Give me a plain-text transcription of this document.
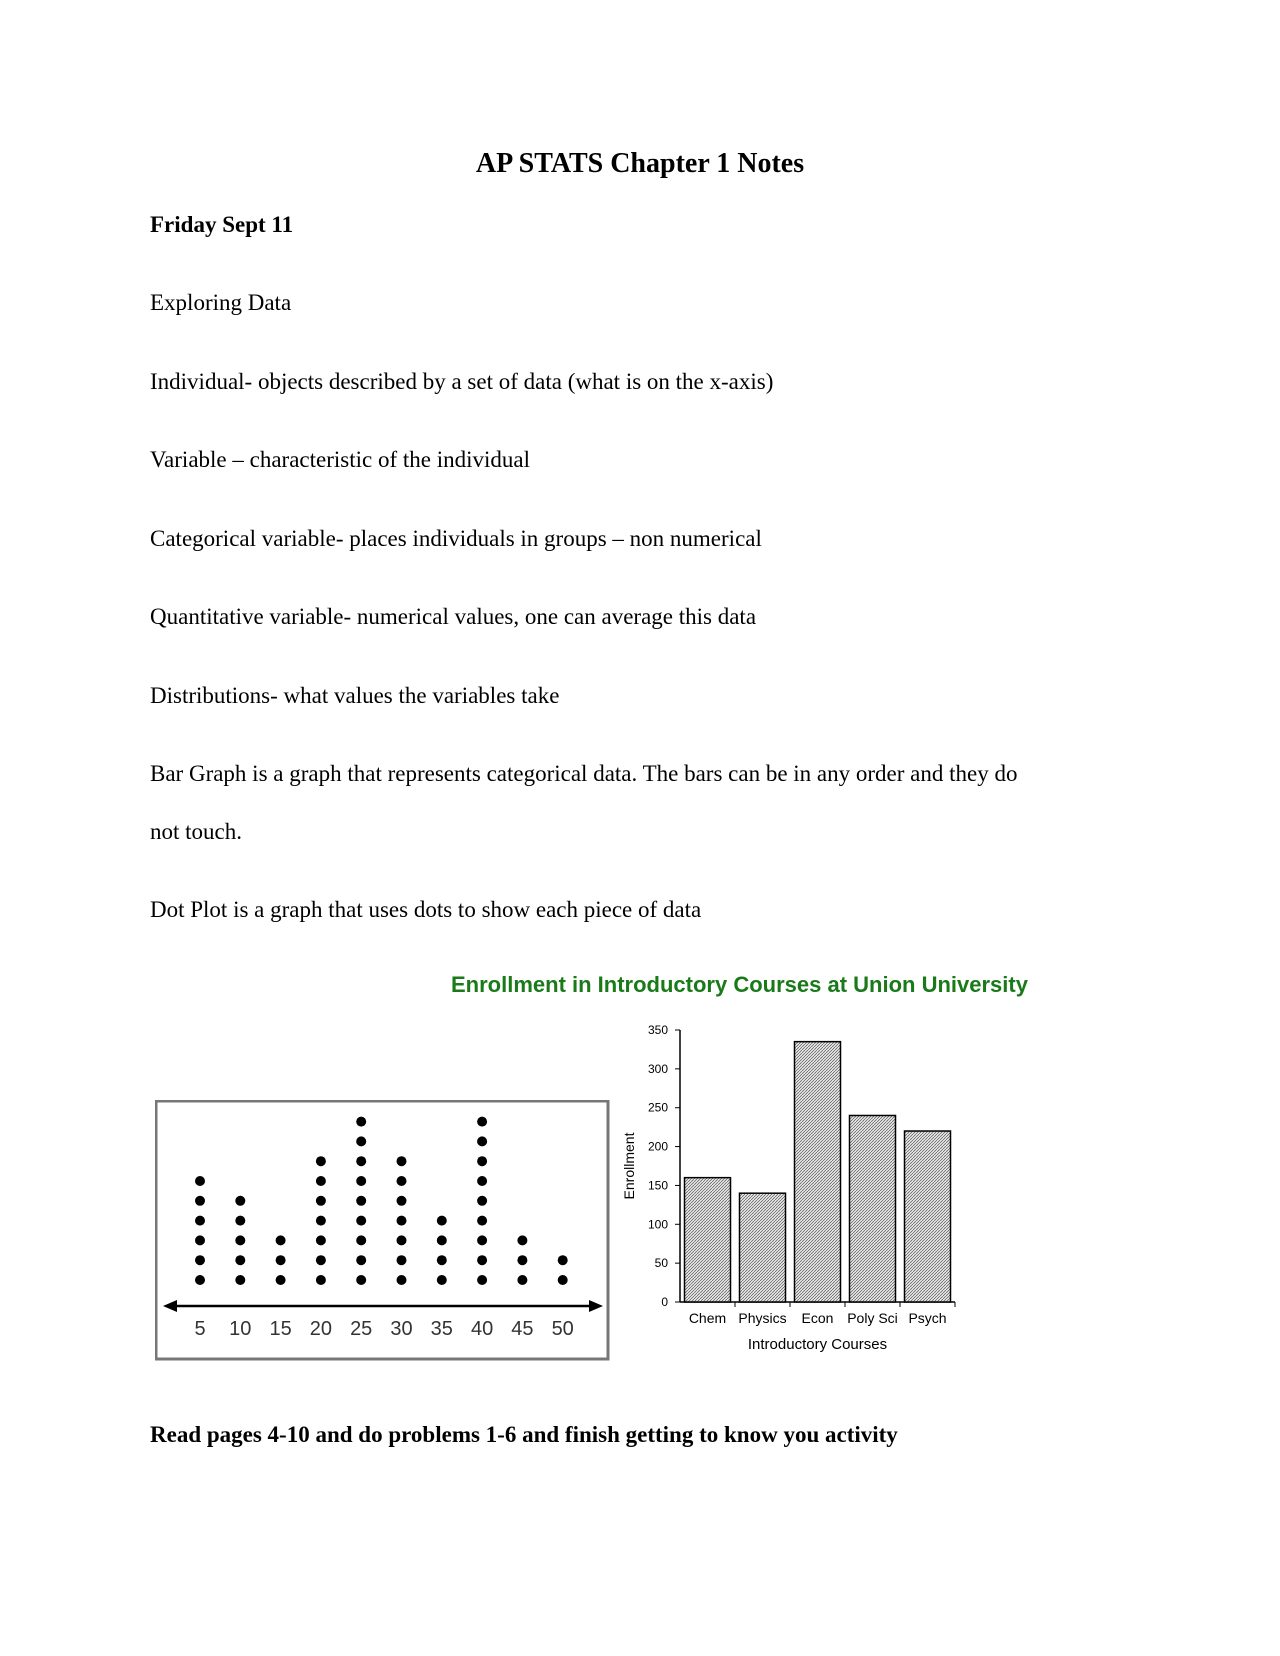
AP STATS Chapter 1 Notes
Friday Sept 11
Exploring Data
Individual- objects described by a set of data (what is on the x-axis)
Variable – characteristic of the individual
Categorical variable- places individuals in groups – non numerical
Quantitative variable- numerical values, one can average this data
Distributions- what values the variables take
Bar Graph is a graph that represents categorical data. The bars can be in any order and they do
not touch.
Dot Plot is a graph that uses dots to show each piece of data
Enrollment in Introductory Courses at Union University
5 10 15 20 25 30 35 40 45 50
0
50
100
150
200
250
300
350
Chem Physics Econ Poly Sci Psych
Introductory Courses
Enrollment
Read pages 4-10 and do problems 1-6 and finish getting to know you activity
